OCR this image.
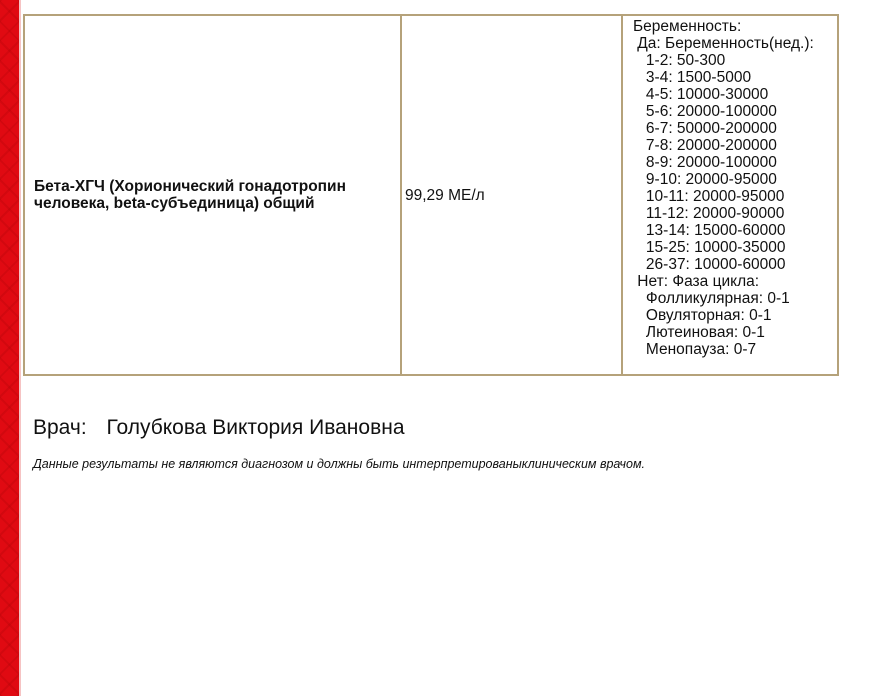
Бета-ХГЧ (Хорионический гонадотропин человека, beta-субъединица) общий	99,29 МЕ/л	
Беременность:
Да: Беременность(нед.):
1-2: 50-300
3-4: 1500-5000
4-5: 10000-30000
5-6: 20000-100000
6-7: 50000-200000
7-8: 20000-200000
8-9: 20000-100000
9-10: 20000-95000
10-11: 20000-95000
11-12: 20000-90000
13-14: 15000-60000
15-25: 10000-35000
26-37: 10000-60000
Нет: Фаза цикла:
Фолликулярная: 0-1
Овуляторная: 0-1
Лютеиновая: 0-1
Менопауза: 0-7
Врач: Голубкова Виктория Ивановна
Данные результаты не являются диагнозом и должны быть интерпретированыклиническим врачом.
